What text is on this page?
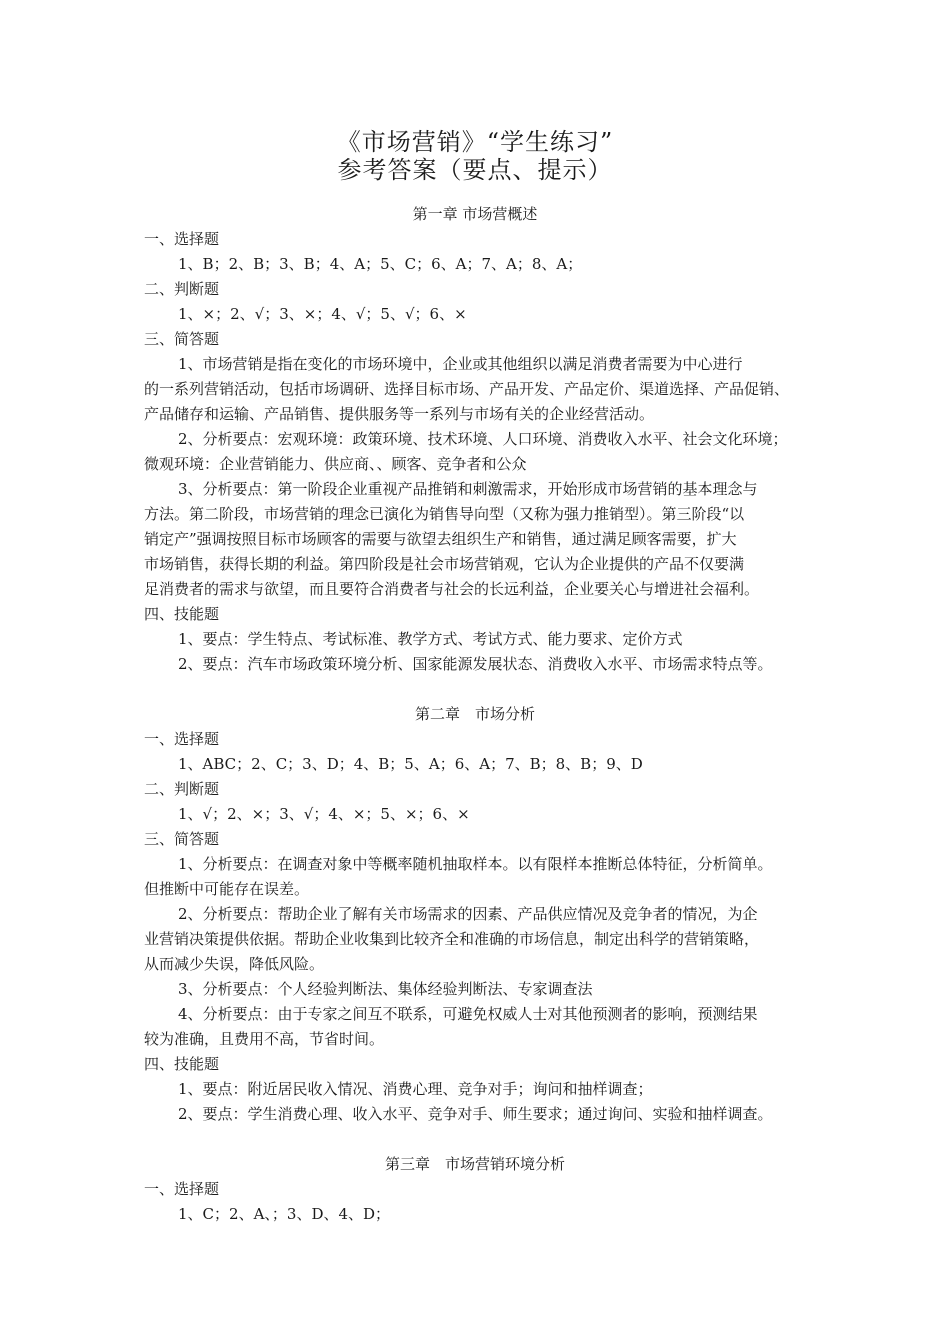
《市场营销》“学生练习”
参考答案（要点、提示）
第一章 市场营概述
一、选择题
1、B；2、B；3、B；4、A；5、C；6、A；7、A；8、A；
二、判断题
1、×；2、√；3、×；4、√；5、√；6、×
三、简答题
1、市场营销是指在变化的市场环境中，企业或其他组织以满足消费者需要为中心进行
的一系列营销活动，包括市场调研、选择目标市场、产品开发、产品定价、渠道选择、产品促销、
产品储存和运输、产品销售、提供服务等一系列与市场有关的企业经营活动。
2、分析要点：宏观环境：政策环境、技术环境、人口环境、消费收入水平、社会文化环境；
微观环境：企业营销能力、供应商、、顾客、竞争者和公众
3、分析要点：第一阶段企业重视产品推销和刺激需求，开始形成市场营销的基本理念与
方法。第二阶段，市场营销的理念已演化为销售导向型（又称为强力推销型）。第三阶段“以
销定产”强调按照目标市场顾客的需要与欲望去组织生产和销售，通过满足顾客需要，扩大
市场销售，获得长期的利益。第四阶段是社会市场营销观，它认为企业提供的产品不仅要满
足消费者的需求与欲望，而且要符合消费者与社会的长远利益，企业要关心与增进社会福利。
四、技能题
1、要点：学生特点、考试标准、教学方式、考试方式、能力要求、定价方式
2、要点：汽车市场政策环境分析、国家能源发展状态、消费收入水平、市场需求特点等。
第二章　市场分析
一、选择题
1、ABC；2、C；3、D；4、B；5、A；6、A；7、B；8、B；9、D
二、判断题
1、√；2、×；3、√；4、×；5、×；6、×
三、简答题
1、分析要点：在调查对象中等概率随机抽取样本。以有限样本推断总体特征，分析简单。
但推断中可能存在误差。
2、分析要点：帮助企业了解有关市场需求的因素、产品供应情况及竞争者的情况，为企
业营销决策提供依据。帮助企业收集到比较齐全和准确的市场信息，制定出科学的营销策略，
从而减少失误，降低风险。
3、分析要点：个人经验判断法、集体经验判断法、专家调查法
4、分析要点：由于专家之间互不联系，可避免权威人士对其他预测者的影响，预测结果
较为准确，且费用不高，节省时间。
四、技能题
1、要点：附近居民收入情况、消费心理、竞争对手；询问和抽样调查；
2、要点：学生消费心理、收入水平、竞争对手、师生要求；通过询问、实验和抽样调查。
第三章　市场营销环境分析
一、选择题
1、C；2、A、；3、D、4、D；
